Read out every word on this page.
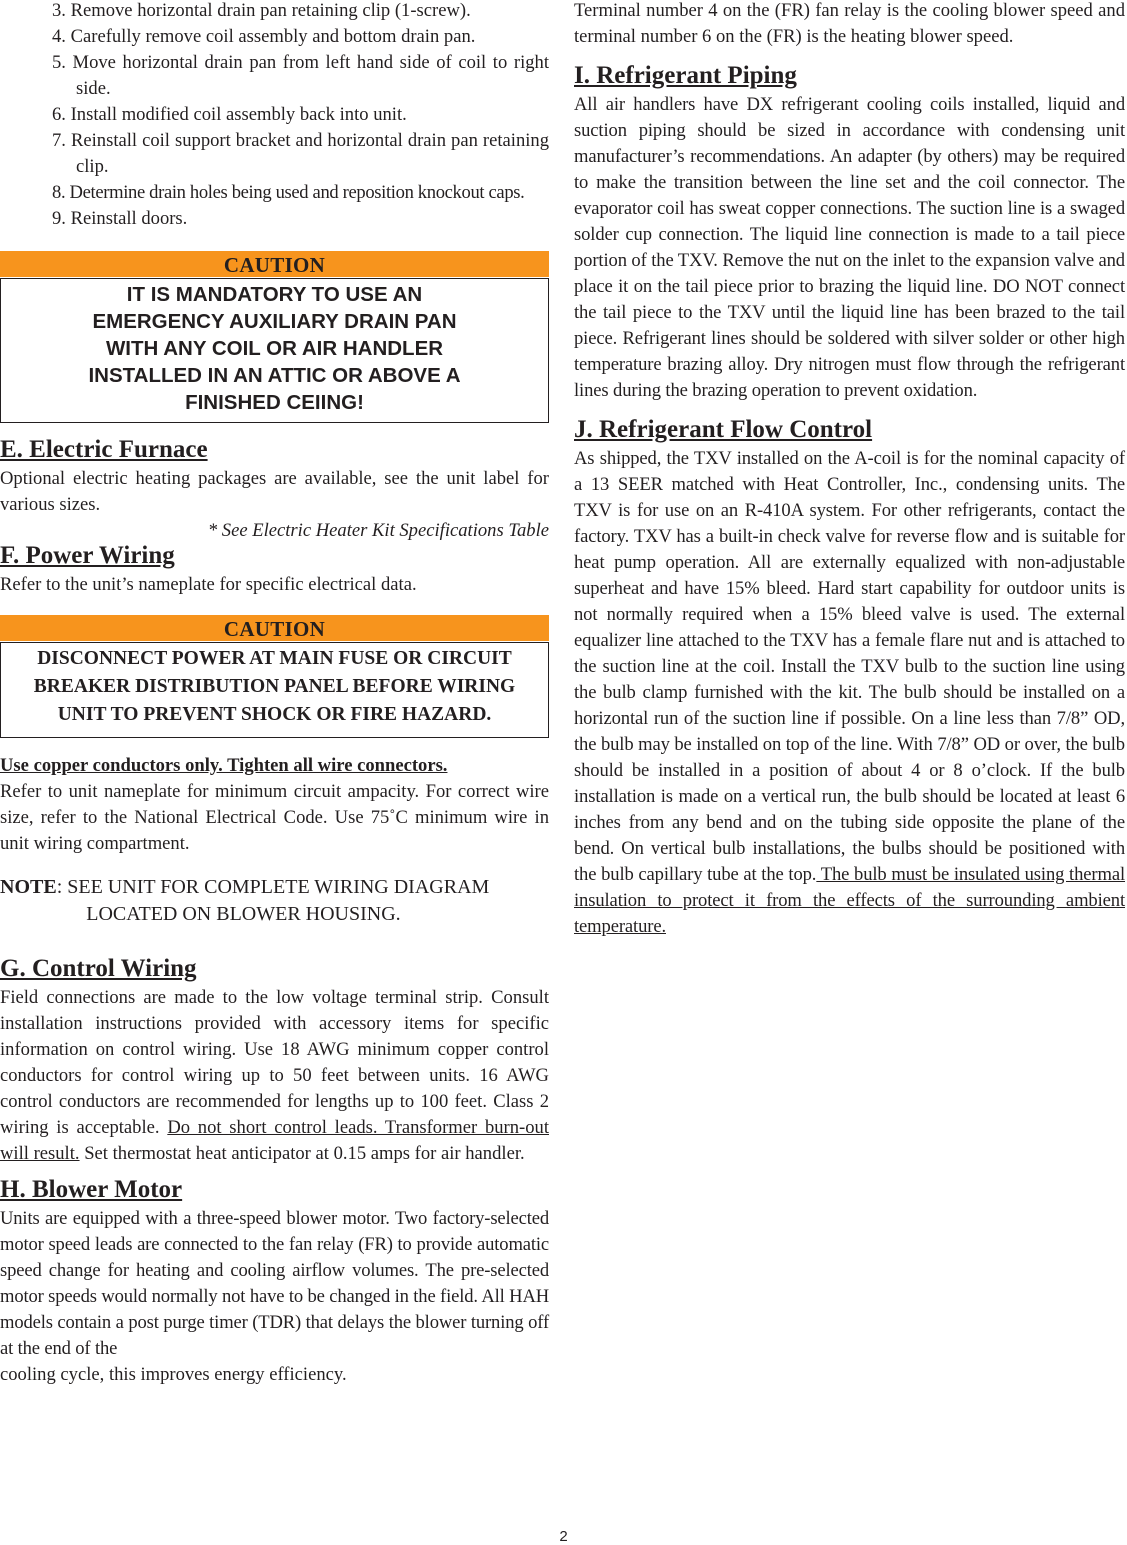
3. Remove horizontal drain pan retaining clip (1-screw).
4. Carefully remove coil assembly and bottom drain pan.
5. Move horizontal drain pan from left hand side of coil to right side.
6. Install modified coil assembly back into unit.
7. Reinstall coil support bracket and horizontal drain pan retaining clip.
8. Determine drain holes being used and reposition knockout caps.
9. Reinstall doors.
CAUTION
IT IS MANDATORY TO USE AN
EMERGENCY AUXILIARY DRAIN PAN
WITH ANY COIL OR AIR HANDLER
INSTALLED IN AN ATTIC OR ABOVE A
FINISHED CEIING!
E. Electric Furnace

Optional electric heating packages are available, see the unit label for various sizes.

* See Electric Heater Kit Specifications Table

F. Power Wiring

Refer to the unit’s nameplate for specific electrical data.

CAUTION
DISCONNECT POWER AT MAIN FUSE OR CIRCUIT
BREAKER DISTRIBUTION PANEL BEFORE WIRING
UNIT TO PREVENT SHOCK OR FIRE HAZARD.

Use copper conductors only. Tighten all wire connectors.

Refer to unit nameplate for minimum circuit ampacity. For correct wire size, refer to the National Electrical Code. Use 75˚C minimum wire in unit wiring compartment.

NOTE: SEE UNIT FOR COMPLETE WIRING DIAGRAM
LOCATED ON BLOWER HOUSING.
G. Control Wiring

Field connections are made to the low voltage terminal strip. Consult installation instructions provided with accessory items for specific information on control wiring. Use 18 AWG minimum copper control conductors for control wiring up to 50 feet between units. 16 AWG control conductors are recommended for lengths up to 100 feet. Class 2 wiring is acceptable. Do not short control leads. Transformer burn-out will result. Set thermostat heat anticipator at 0.15 amps for air handler.

H. Blower Motor

Units are equipped with a three-speed blower motor. Two factory-selected motor speed leads are connected to the fan relay (FR) to provide automatic speed change for heating and cooling airflow volumes. The pre-selected motor speeds would normally not have to be changed in the field. All HAH models contain a post purge timer (TDR) that delays the blower turning off at the end of the

cooling cycle, this improves energy efficiency.

Terminal number 4 on the (FR) fan relay is the cooling blower speed and terminal number 6 on the (FR) is the heating blower speed.

I. Refrigerant Piping

All air handlers have DX refrigerant cooling coils installed, liquid and suction piping should be sized in accordance with condensing unit manufacturer’s recommendations. An adapter (by others) may be required to make the transition between the line set and the coil connector. The evaporator coil has sweat copper connections. The suction line is a swaged solder cup connection. The liquid line connection is made to a tail piece portion of the TXV. Remove the nut on the inlet to the expansion valve and place it on the tail piece prior to brazing the liquid line. DO NOT connect the tail piece to the TXV until the liquid line has been brazed to the tail piece. Refrigerant lines should be soldered with silver solder or other high temperature brazing alloy. Dry nitrogen must flow through the refrigerant lines during the brazing operation to prevent oxidation.

J. Refrigerant Flow Control

As shipped, the TXV installed on the A-coil is for the nominal capacity of a 13 SEER matched with Heat Controller, Inc., condensing units. The TXV is for use on an R-410A system. For other refrigerants, contact the factory. TXV has a built-in check valve for reverse flow and is suitable for heat pump operation. All are externally equalized with non-adjustable superheat and have 15% bleed. Hard start capability for outdoor units is not normally required when a 15% bleed valve is used. The external equalizer line attached to the TXV has a female flare nut and is attached to the suction line at the coil. Install the TXV bulb to the suction line using the bulb clamp furnished with the kit. The bulb should be installed on a horizontal run of the suction line if possible. On a line less than 7/8” OD, the bulb may be installed on top of the line. With 7/8” OD or over, the bulb should be installed in a position of about 4 or 8 o’clock. If the bulb installation is made on a vertical run, the bulb should be located at least 6 inches from any bend and on the tubing side opposite the plane of the bend. On vertical bulb installations, the bulbs should be positioned with the bulb capillary tube at the top. The bulb must be insulated using thermal insulation to protect it from the effects of the surrounding ambient temperature.

2
